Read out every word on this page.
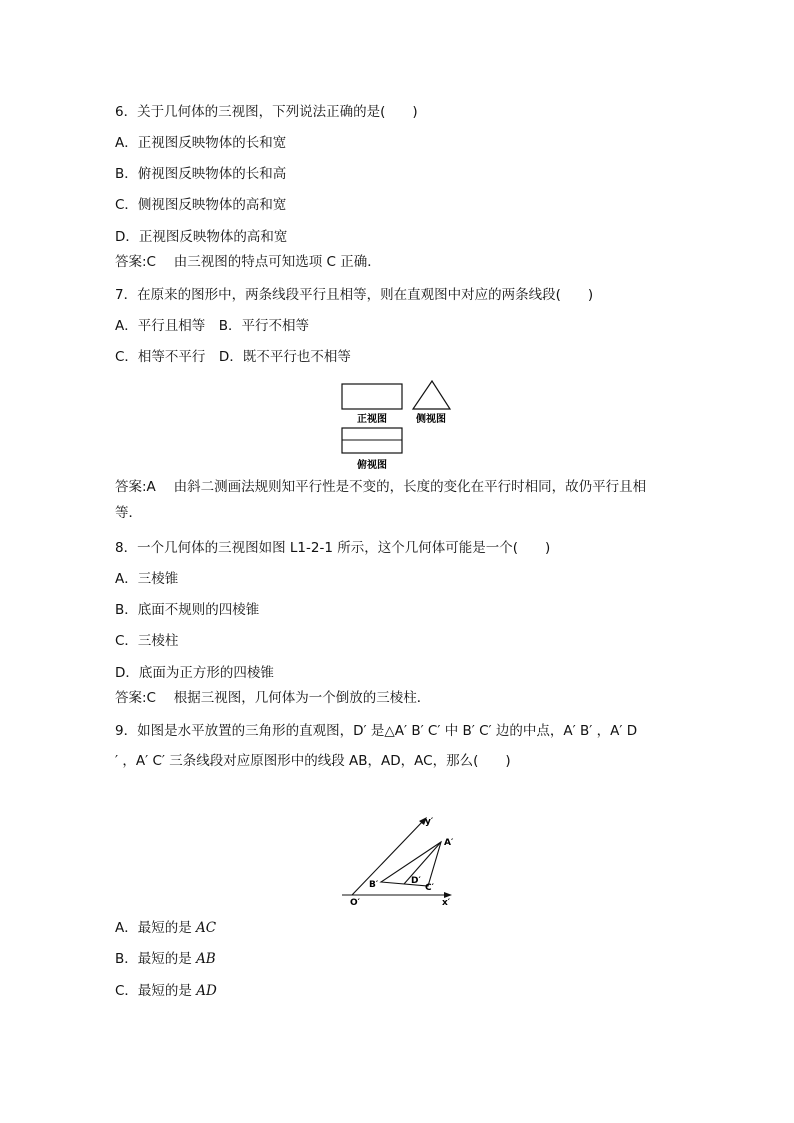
6．关于几何体的三视图，下列说法正确的是(　　)
A．正视图反映物体的长和宽
B．俯视图反映物体的长和高
C．侧视图反映物体的高和宽
D．正视图反映物体的高和宽
答案:C　 由三视图的特点可知选项 C 正确．
7．在原来的图形中，两条线段平行且相等，则在直观图中对应的两条线段(　　)
A．平行且相等　B．平行不相等
C．相等不平行　D．既不平行也不相等
正视图	侧视图
俯视图
答案:A　 由斜二测画法规则知平行性是不变的，长度的变化在平行时相同，故仍平行且相
等．
8．一个几何体的三视图如图 L1-2-1 所示，这个几何体可能是一个(　　)
A．三棱锥
B．底面不规则的四棱锥
C．三棱柱
D．底面为正方形的四棱锥
答案:C　 根据三视图，几何体为一个倒放的三棱柱．
9．如图是水平放置的三角形的直观图，D′ 是△A′ B′ C′ 中 B′ C′ 边的中点，A′ B′ ，A′ D
′ ，A′ C′ 三条线段对应原图形中的线段 AB，AD，AC，那么(　　)
y′
A′
B′	D′
C′
O′	x′
A．最短的是 AC
B．最短的是 AB
C．最短的是 AD
